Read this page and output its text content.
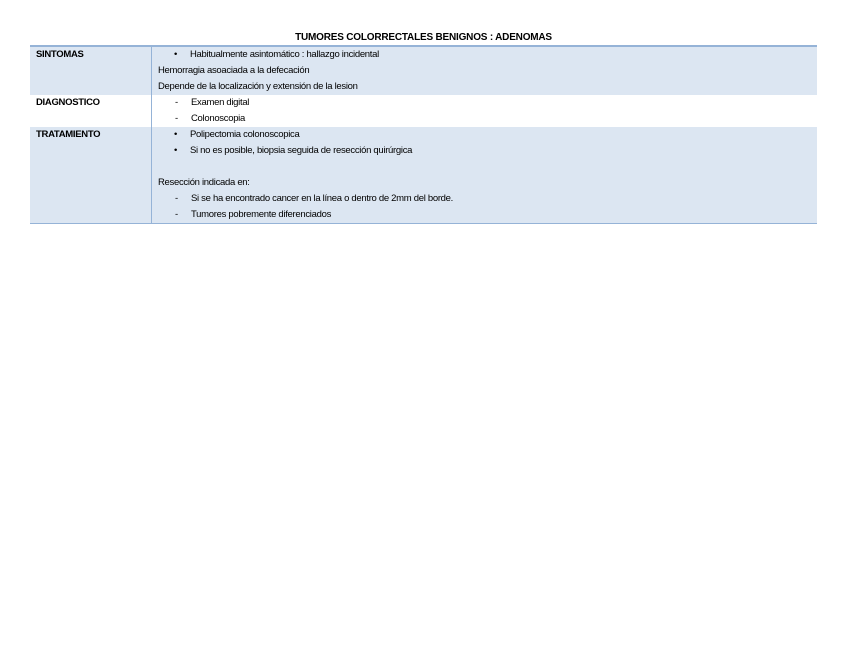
TUMORES COLORRECTALES BENIGNOS : ADENOMAS
SINTOMAS	• Habitualmente asintomático : hallazgo incidental
Hemorragia asoaciada a la defecación
Depende de la localización y extensión de la lesion

DIAGNOSTICO	- Examen digital
- Colonoscopia

TRATAMIENTO	• Polipectomia colonoscopica
• Si no es posible, biopsia seguida de resección quirúrgica
Resección indicada en:
- Si se ha encontrado cancer en la línea o dentro de 2mm del borde.
- Tumores pobremente diferenciados
